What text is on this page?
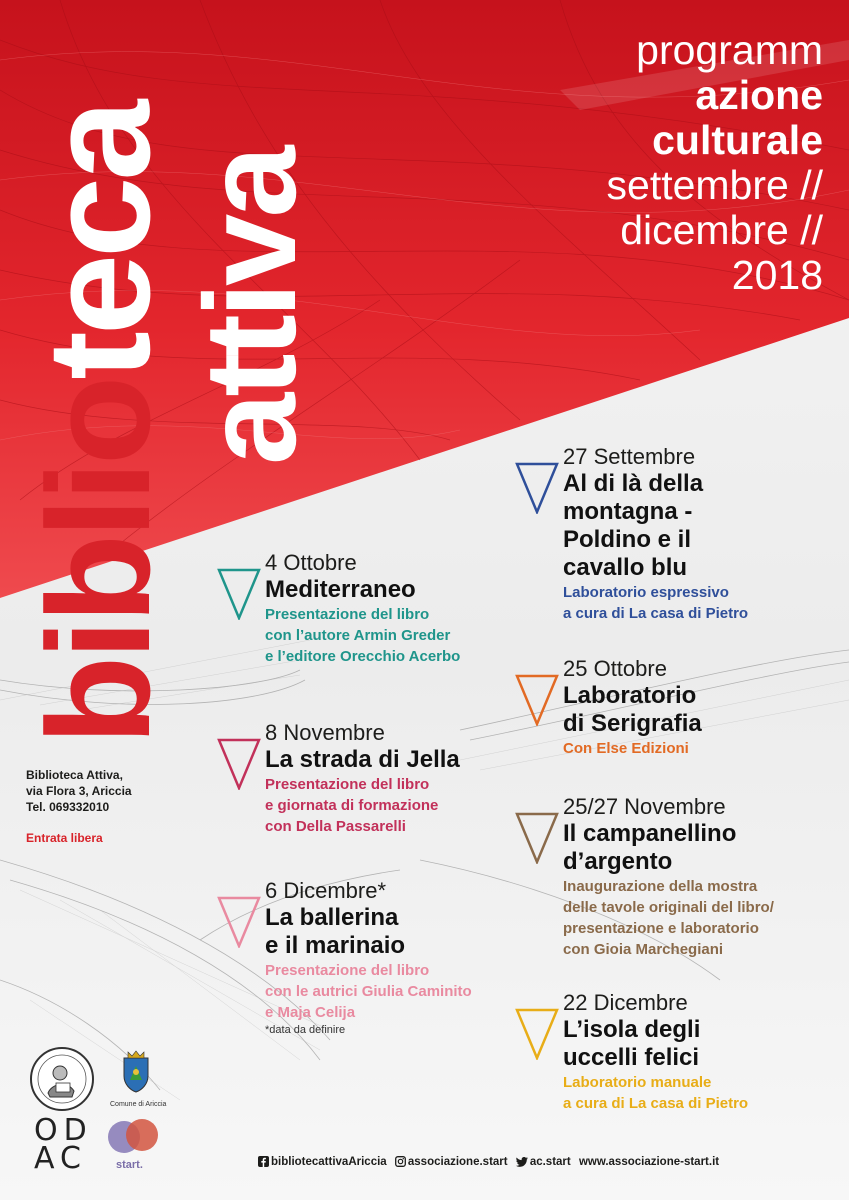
biblioteca
attiva
programm
azione
culturale
settembre //
dicembre //
2018
27 Settembre
Al di là della
montagna -
Poldino e il
cavallo blu
Laboratorio espressivo
a cura di La casa di Pietro
4 Ottobre
Mediterraneo
Presentazione del libro
con l’autore Armin Greder
e l’editore Orecchio Acerbo	25 Ottobre
Laboratorio
di Serigrafia
Con Else Edizioni
8 Novembre
La strada di Jella
Presentazione del libro
e giornata di formazione
con Della Passarelli
25/27 Novembre
Il campanellino
d’argento
Inaugurazione della mostra
delle tavole originali del libro/
presentazione e laboratorio
con Gioia Marchegiani
6 Dicembre*
La ballerina
e il marinaio
Presentazione del libro
con le autrici Giulia Caminito
e Maja Celija
*data da definire
22 Dicembre
L’isola degli
uccelli felici
Laboratorio manuale
a cura di La casa di Pietro
Biblioteca Attiva,
via Flora 3, Ariccia
Tel. 069332010
Entrata libera
Comune di Ariccia
OD
AC	start.	bibliotecattivaAriccia associazione.start ac.start www.associazione-start.it
